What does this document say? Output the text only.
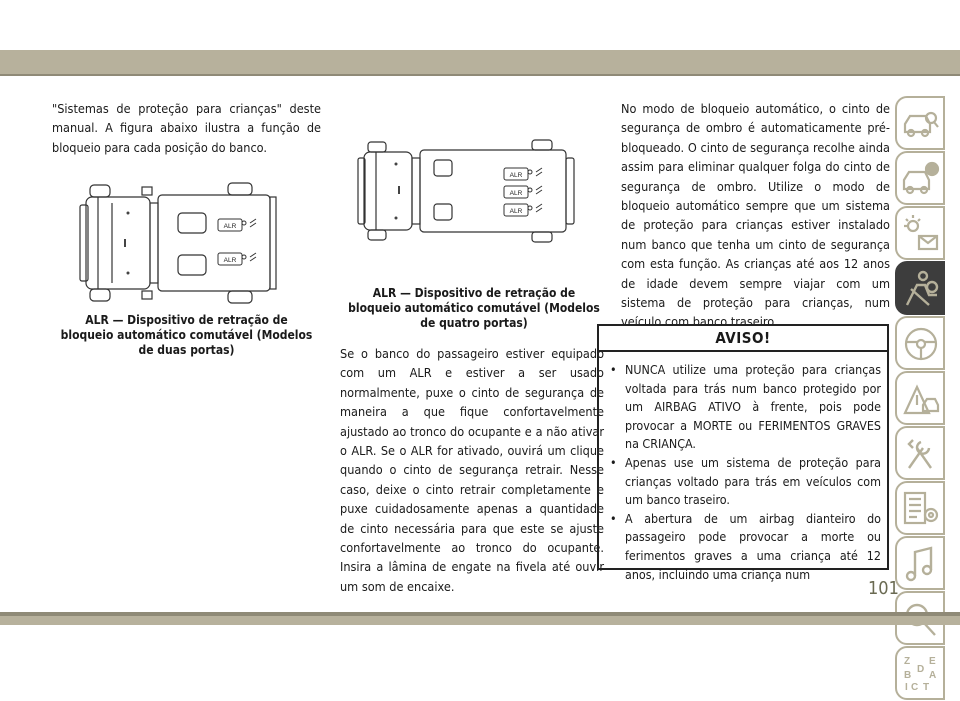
"Sistemas de proteção para crianças" deste manual. A figura abaixo ilustra a função de bloqueio para cada posição do banco.

ALR
ALR
ALR — Dispositivo de retração de
bloqueio automático comutável (Modelos
de duas portas)
ALR
ALR
ALR
ALR — Dispositivo de retração de
bloqueio automático comutável (Modelos
de quatro portas)

Se o banco do passageiro estiver equipado com um ALR e estiver a ser usado normalmente, puxe o cinto de segurança de maneira a que fique confortavelmente ajustado ao tronco do ocupante e a não ativar o ALR. Se o ALR for ativado, ouvirá um clique quando o cinto de segurança retrair. Nesse caso, deixe o cinto retrair completamente e puxe cuidadosamente apenas a quantidade de cinto necessária para que este se ajuste confortavelmente ao tronco do ocupante. Insira a lâmina de engate na fivela até ouvir um som de encaixe.

No modo de bloqueio automático, o cinto de segurança de ombro é automaticamente pré-bloqueado. O cinto de segurança recolhe ainda assim para eliminar qualquer folga do cinto de segurança de ombro. Utilize o modo de bloqueio automático sempre que um sistema de proteção para crianças estiver instalado num banco que tenha um cinto de segurança com esta função. As crianças até aos 12 anos de idade devem sempre viajar com um sistema de proteção para crianças, num veículo com banco traseiro.

AVISO!
• NUNCA utilize uma proteção para crianças voltada para trás num banco protegido por um AIRBAG ATIVO à frente, pois pode provocar a MORTE ou FERIMENTOS GRAVES na CRIANÇA.
• Apenas use um sistema de proteção para crianças voltado para trás em veículos com um banco traseiro.
• A abertura de um airbag dianteiro do passageiro pode provocar a morte ou ferimentos graves a uma criança até 12 anos, incluindo uma criança num
Z E
B A
D
C T
I
101
